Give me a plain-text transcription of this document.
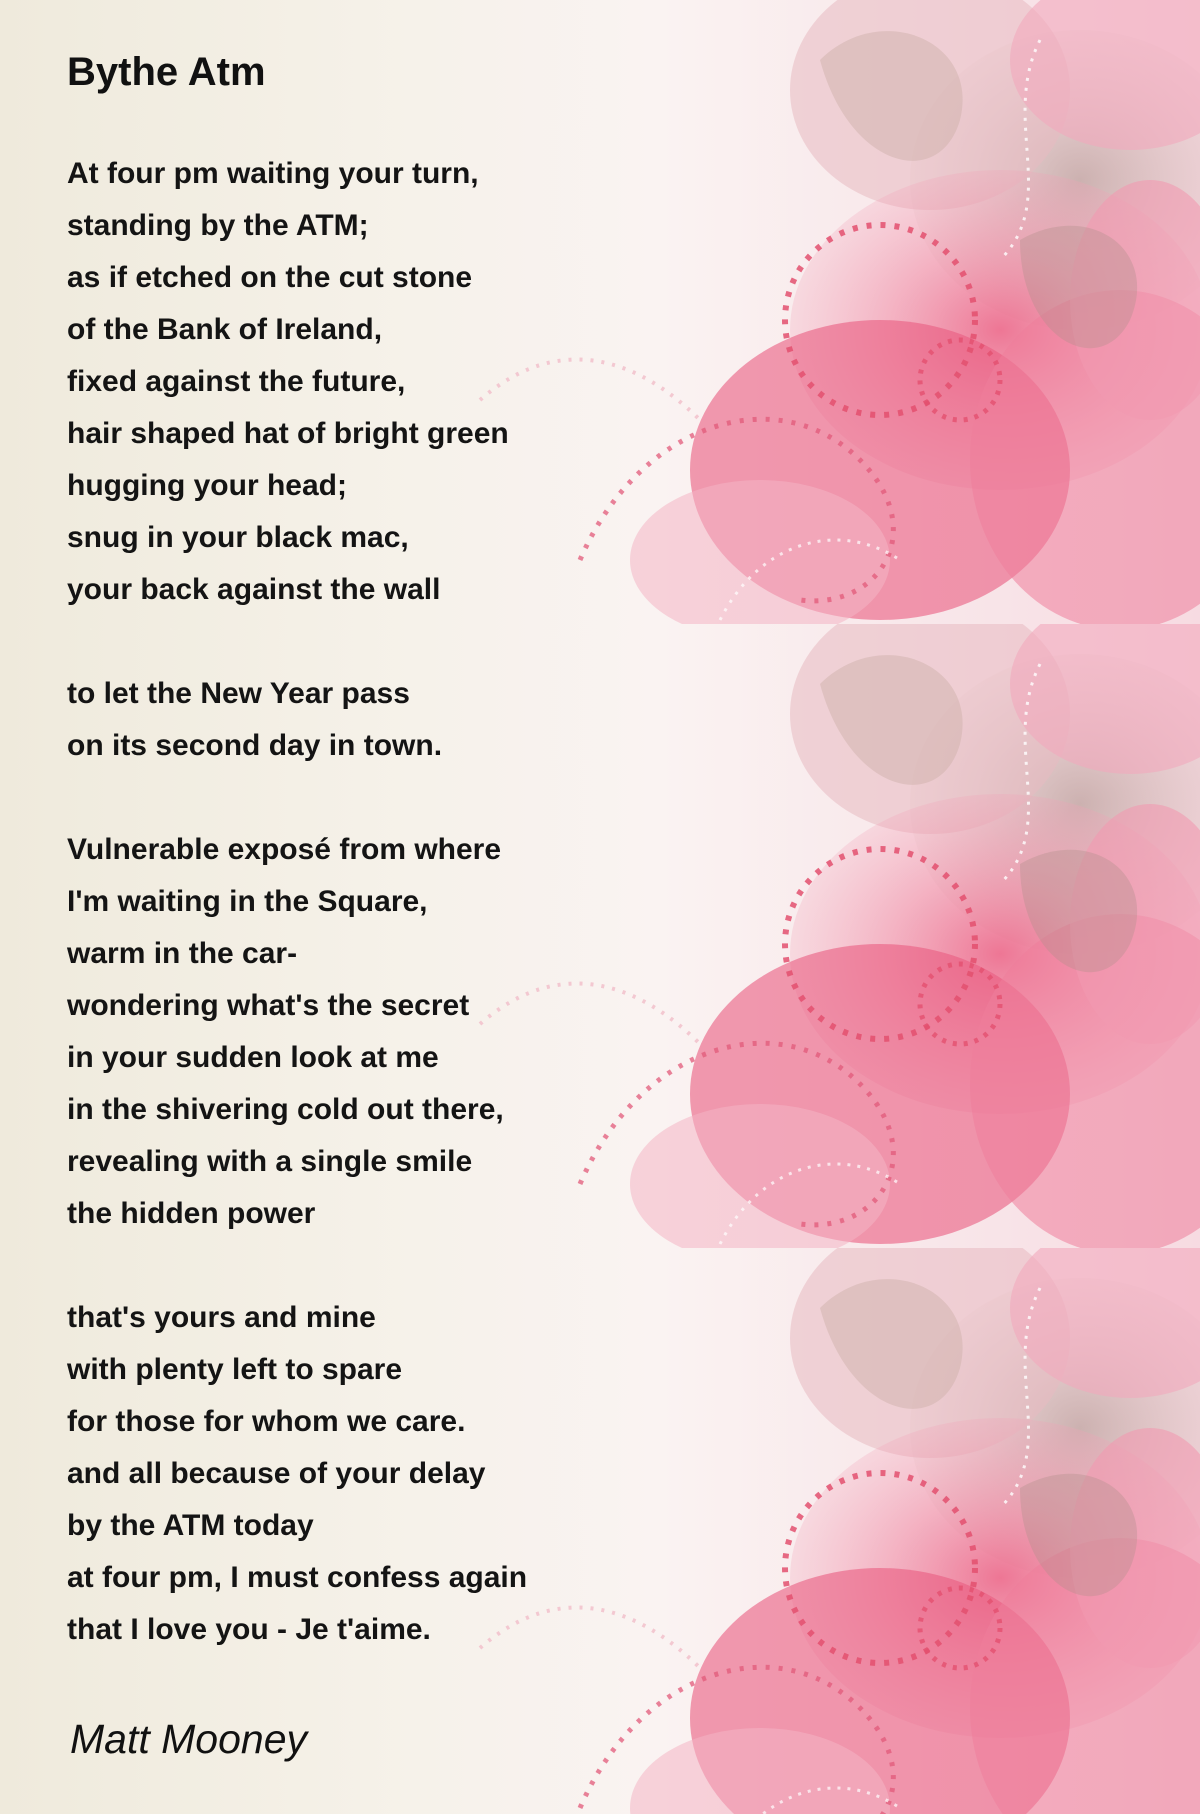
Bythe Atm
At four pm waiting your turn,
standing by the ATM;
as if etched on the cut stone
of the Bank of Ireland,
fixed against the future,
hair shaped hat of bright green
hugging your head;
snug in your black mac,
your back against the wall
to let the New Year pass
on its second day in town.
Vulnerable exposé from where
I'm waiting in the Square,
warm in the car-
wondering what's the secret
in your sudden look at me
in the shivering cold out there,
revealing with a single smile
the hidden power
that's yours and mine
with plenty left to spare
for those for whom we care.
and all because of your delay
by the ATM today
at four pm, I must confess again
that I love you - Je t'aime.
Matt Mooney
